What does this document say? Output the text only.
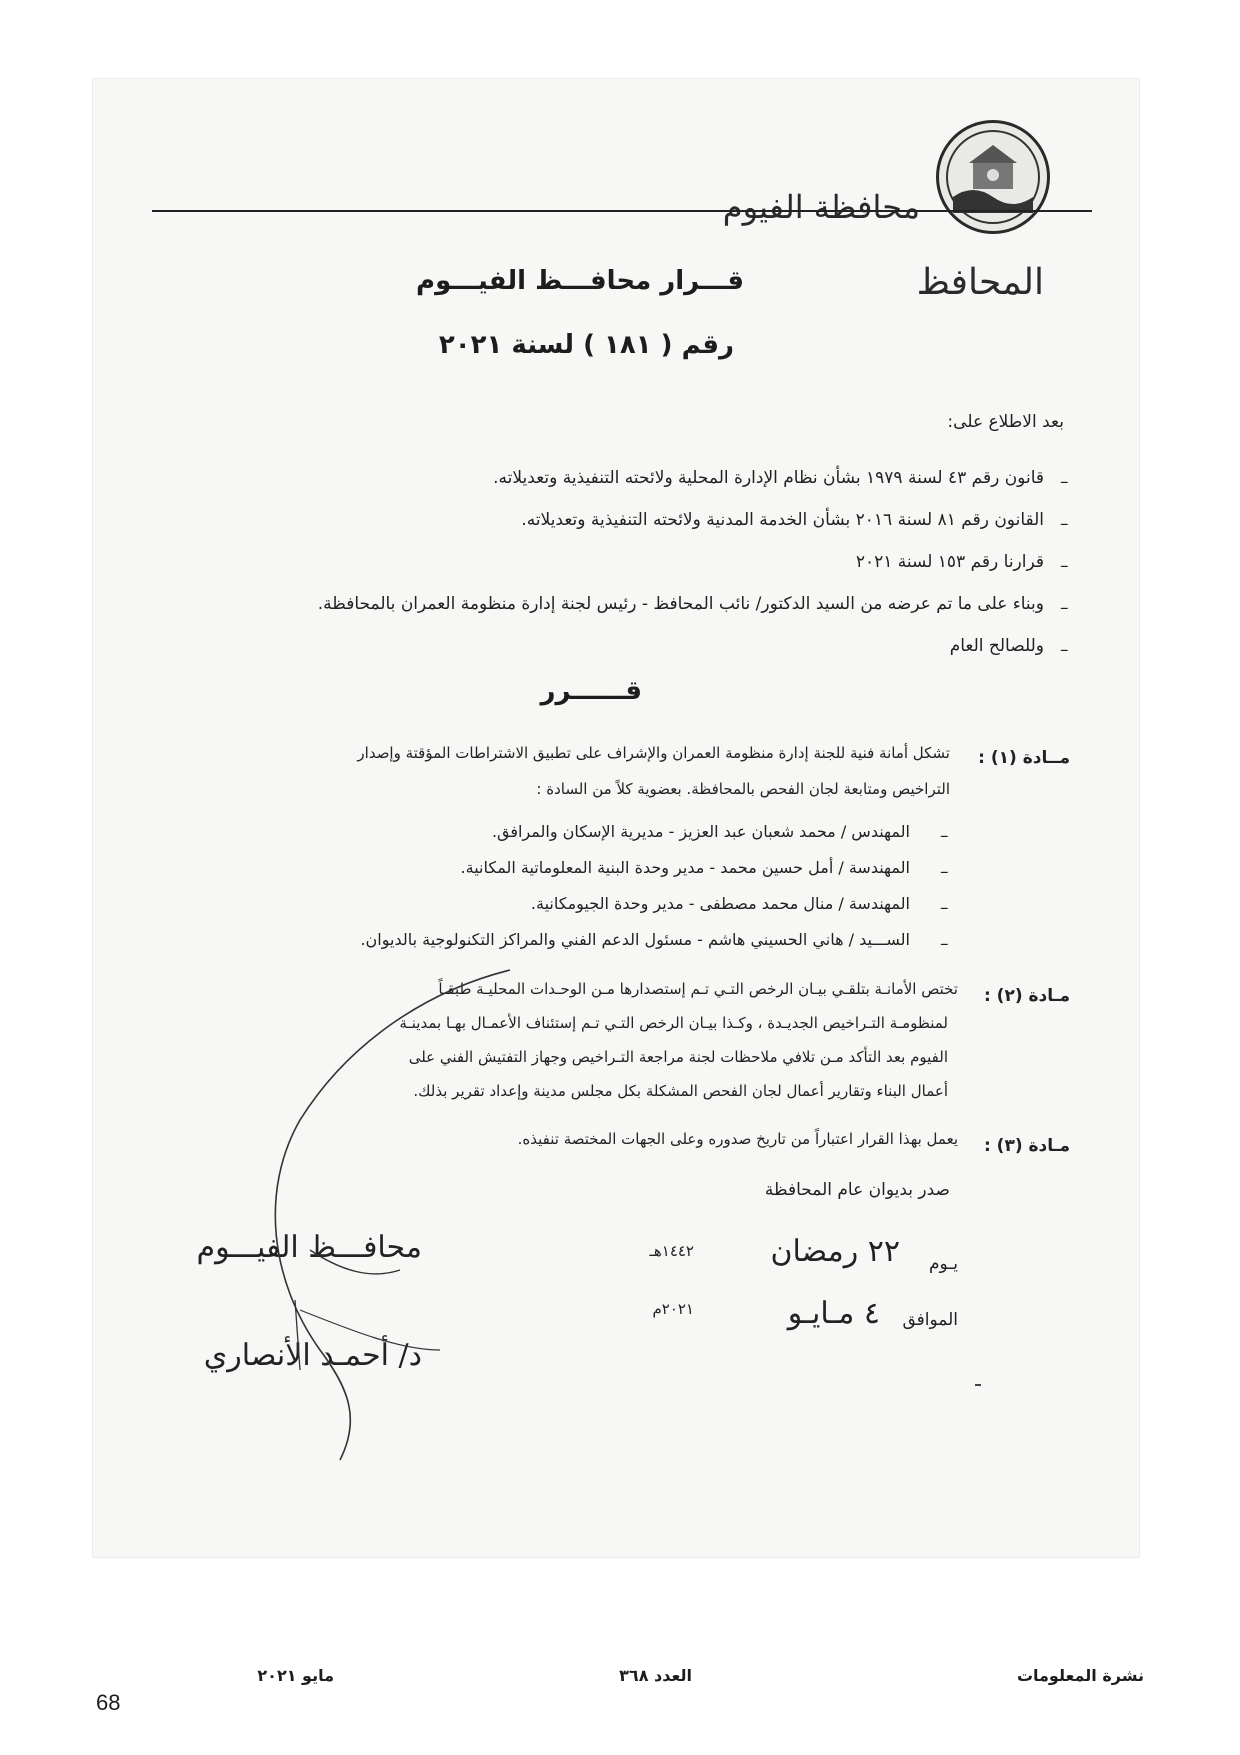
محافظة الفيوم
المحافظ
قـــرار محافـــظ الفيـــوم
رقم ( ١٨١ ) لسنة ٢٠٢١
بعد الاطلاع على:
–
قانون رقم ٤٣ لسنة ١٩٧٩ بشأن نظام الإدارة المحلية ولائحته التنفيذية وتعديلاته.
–
القانون رقم ٨١ لسنة ٢٠١٦ بشأن الخدمة المدنية ولائحته التنفيذية وتعديلاته.
–
قرارنا رقم ١٥٣ لسنة ٢٠٢١
–
وبناء على ما تم عرضه من السيد الدكتور/ نائب المحافظ - رئيس لجنة إدارة منظومة العمران بالمحافظة.
–
وللصالح العام
قــــــرر
مــادة (١) :
تشكل أمانة فنية للجنة إدارة منظومة العمران والإشراف على تطبيق الاشتراطات المؤقتة وإصدار
التراخيص ومتابعة لجان الفحص بالمحافظة. بعضوية كلاً من السادة :
–
المهندس / محمد شعبان عبد العزيز - مديرية الإسكان والمرافق.
–
المهندسة / أمل حسين محمد - مدير وحدة البنية المعلوماتية المكانية.
–
المهندسة / منال محمد مصطفى - مدير وحدة الجيومكانية.
–
الســـيد / هاني الحسيني هاشم - مسئول الدعم الفني والمراكز التكنولوجية بالديوان.
مـادة (٢) :
تختص الأمانـة بتلقـي بيـان الرخص التـي تـم إستصدارها مـن الوحـدات المحليـة طبقـاً
لمنظومـة التـراخيص الجديـدة ، وكـذا بيـان الرخص التـي تـم إستئناف الأعمـال بهـا بمدينـة
الفيوم بعد التأكد مـن تلافي ملاحظات لجنة مراجعة التـراخيص وجهاز التفتيش الفني على
أعمال البناء وتقارير أعمال لجان الفحص المشكلة بكل مجلس مدينة وإعداد تقرير بذلك.
مـادة (٣) :
يعمل بهذا القرار اعتباراً من تاريخ صدوره وعلى الجهات المختصة تنفيذه.
صدر بديوان عام المحافظة
محافـــظ الفيـــوم
د/ أحمـد الأنصاري
يـوم
٢٢ رمضان
١٤٤٢هـ
الموافق
٤ مـايـو
٢٠٢١م
نشرة المعلومات
العدد ٣٦٨
مايو ٢٠٢١
68
